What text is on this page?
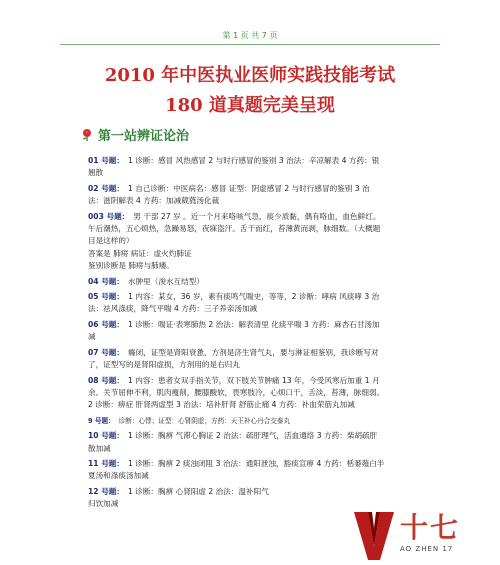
第 1 页 共 7 页
2010 年中医执业医师实践技能考试
180 道真题完美呈现
第一站辨证论治
01 号题： 1 诊断：感冒 风热感冒 2 与时行感冒的鉴别 3 治法：辛凉解表 4 方药：银
翘散
02 号题： 1 自己诊断：中医病名：感冒 证型：阴虚感冒 2 与时行感冒的鉴别 3 治
法：滋阴解表 4 方药：加减葳蕤汤化裁
003 号题： 男 干部 27 岁 。近一个月来咯咳气急，痰少质黏，偶有咯血，血色鲜红。
午后潮热，五心烦热，急躁易怒，夜寐盗汗。舌干而红，苔薄黄而剥，脉细数。（大概题
目是这样的）
答案是 肺痨 病证：虚火灼肺证
鉴别诊断是 肺痨与肺痿。
04 号题： 水肿里（浚水互结型）
05 号题： 1 内容：某女，36 岁，素有痰鸣气喘史，等等，2 诊断：哮病 风痰哮 3 治
法：祛风涤痰，降气平喘 4 方药：三子养亲汤加减
06 号题： 1 诊断：喘证·表寒肺热 2 治法：解表清里 化痰平喘 3 方药：麻杏石甘汤加
减
07 号题： 癃闭，证型是肾阳衰惫，方剂是济生肾气丸，要与淋证相鉴别，我诊断写对
了，证型写的是肾阳虚损，方剂用的是右归丸
08 号题： 1 内容：患者女双手指关节，双下肢关节肿痛 13 年，今受风寒后加重 1 月
余。关节屈伸不利，肌肉瘦削，腰膝酸软，畏寒肢冷，心烦口干，舌淡，苔薄，脉细弱。
2 诊断：痹症 肝肾两虚型 3 治法：培补肝肾 舒筋止痛 4 方药：补血荣筋丸加减
9 号题： 诊断：心悸；证型：心肾阴虚；方药：天王补心丹合交泰丸
10 号题： 1 诊断：胸痹 气滞心胸证 2 治法：疏肝理气，活血通络 3 方药：柴胡疏肝
散加减
11 号题： 1 诊断：胸痹 2 痰浊闭阻 3 治法：通阳泄浊，豁痰宣痹 4 方药：栝蒌薤白半
夏汤和涤痰汤加减
12 号题： 1 诊断：胸痹 心肾阳虚 2 治法：温补阳气
归饮加减
十七
AO ZHEN 17
